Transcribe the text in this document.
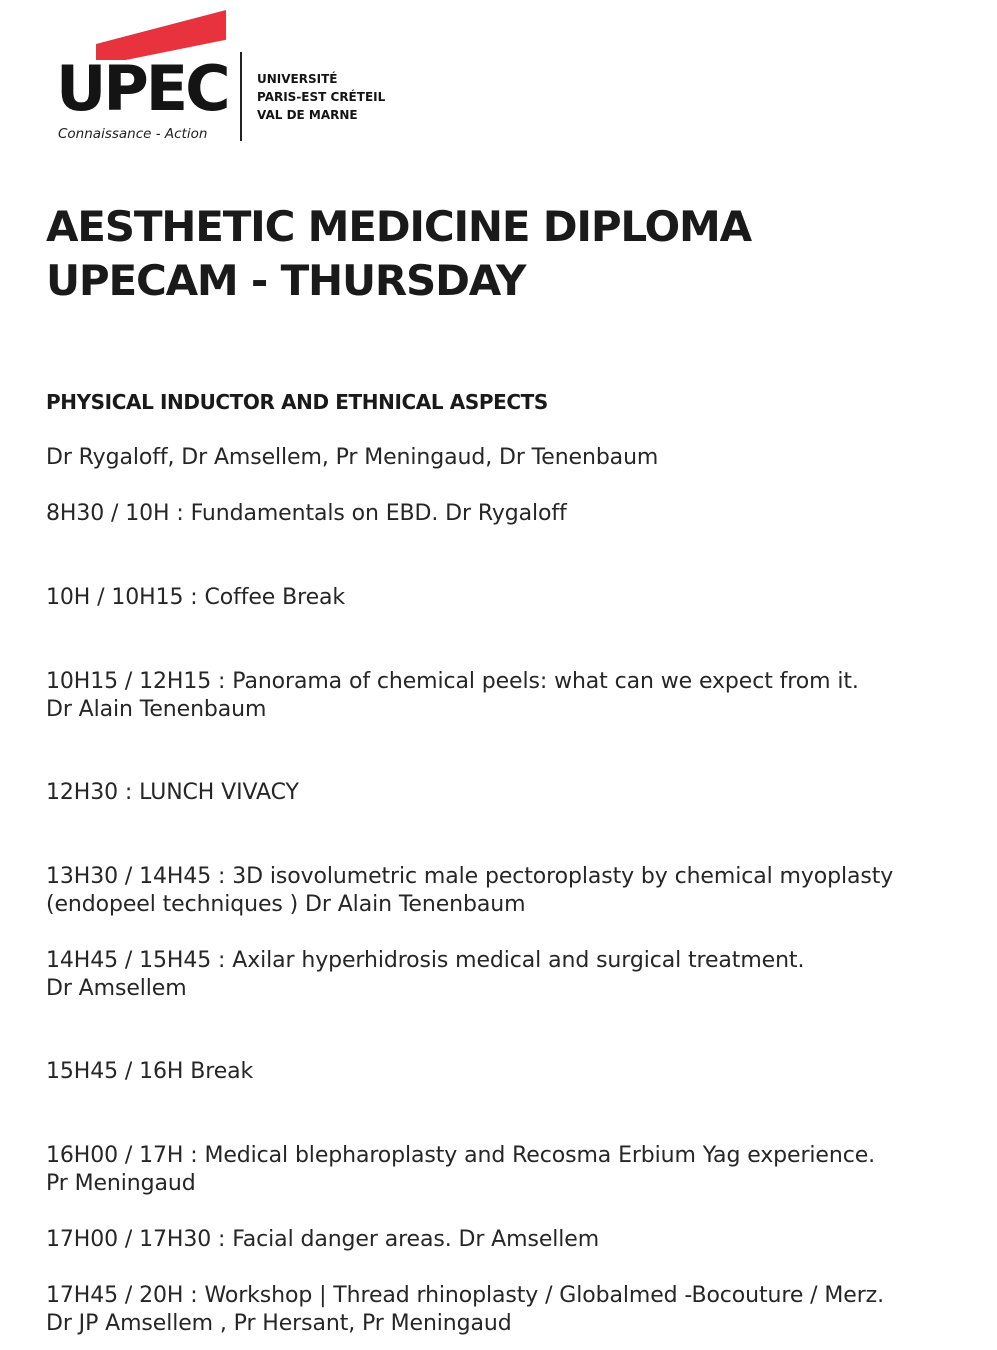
UPEC
Connaissance - Action
UNIVERSITÉ
PARIS-EST CRÉTEIL
VAL DE MARNE
AESTHETIC MEDICINE DIPLOMA
UPECAM - THURSDAY
PHYSICAL INDUCTOR AND ETHNICAL ASPECTS
Dr Rygaloff, Dr Amsellem, Pr Meningaud, Dr Tenenbaum
8H30 / 10H : Fundamentals on EBD. Dr Rygaloff
10H / 10H15 : Coffee Break
10H15 / 12H15 : Panorama of chemical peels: what can we expect from it.
Dr Alain Tenenbaum
12H30 : LUNCH VIVACY
13H30 / 14H45 : 3D isovolumetric male pectoroplasty by chemical myoplasty
(endopeel techniques ) Dr Alain Tenenbaum
14H45 / 15H45 : Axilar hyperhidrosis medical and surgical treatment.
Dr Amsellem
15H45 / 16H Break
16H00 / 17H : Medical blepharoplasty and Recosma Erbium Yag experience.
Pr Meningaud
17H00 / 17H30 : Facial danger areas. Dr Amsellem
17H45 / 20H : Workshop | Thread rhinoplasty / Globalmed -Bocouture / Merz.
Dr JP Amsellem , Pr Hersant, Pr Meningaud
